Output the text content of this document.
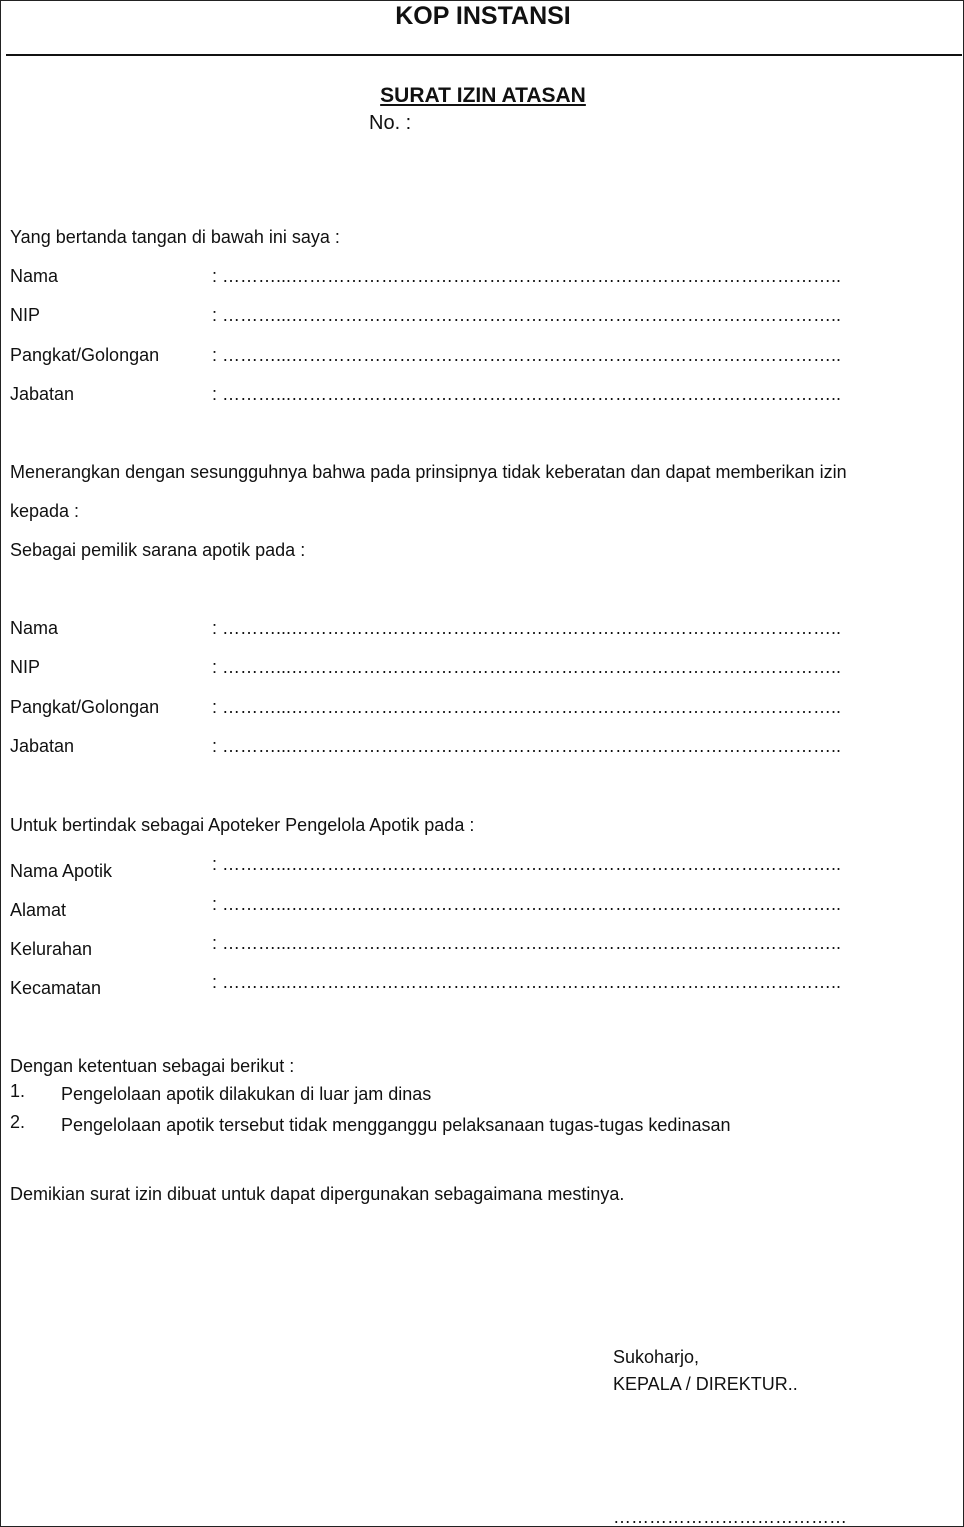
KOP INSTANSI
SURAT IZIN ATASAN
No. :
Yang bertanda tangan di bawah ini saya :
Nama	: ………...………………………………………………………………………………..
NIP	: ………...………………………………………………………………………………..
Pangkat/Golongan	: ………...………………………………………………………………………………..
Jabatan	: ………...………………………………………………………………………………..
Menerangkan dengan sesungguhnya bahwa pada prinsipnya tidak keberatan dan dapat memberikan izin
kepada :
Sebagai pemilik sarana apotik pada :
Nama	: ………...………………………………………………………………………………..
NIP	: ………...………………………………………………………………………………..
Pangkat/Golongan	: ………...………………………………………………………………………………..
Jabatan	: ………...………………………………………………………………………………..
Untuk bertindak sebagai Apoteker Pengelola Apotik pada :
Nama Apotik	: ………...………………………………………………………………………………..
Alamat	: ………...………………………………………………………………………………..
Kelurahan	: ………...………………………………………………………………………………..
Kecamatan	: ………...………………………………………………………………………………..
Dengan ketentuan sebagai berikut :
1. Pengelolaan apotik dilakukan di luar jam dinas
2. Pengelolaan apotik tersebut tidak mengganggu pelaksanaan tugas-tugas kedinasan
Demikian surat izin dibuat untuk dapat dipergunakan sebagaimana mestinya.
Sukoharjo,
KEPALA / DIREKTUR..
…………………………………
